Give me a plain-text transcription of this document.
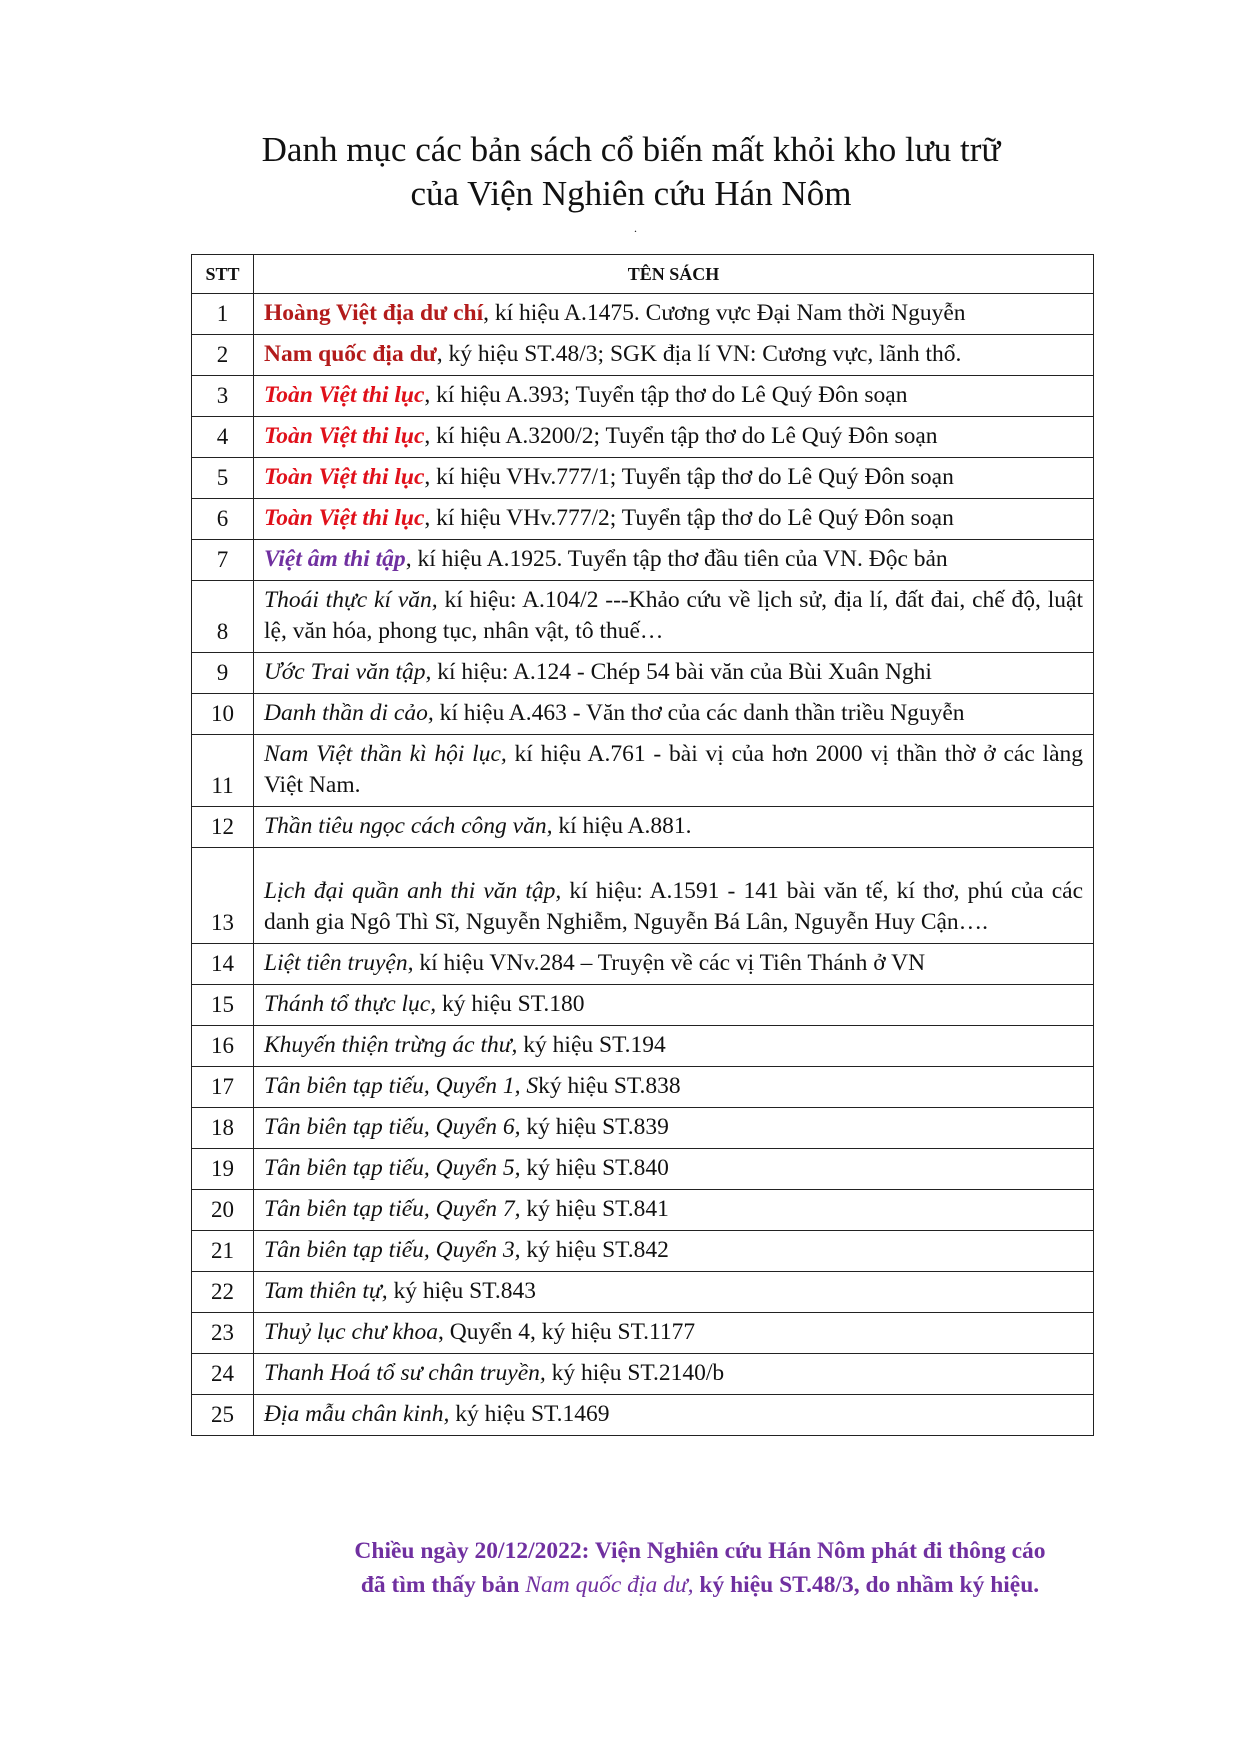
Danh mục các bản sách cổ biến mất khỏi kho lưu trữ
của Viện Nghiên cứu Hán Nôm
.
STT	TÊN SÁCH
1	Hoàng Việt địa dư chí, kí hiệu A.1475. Cương vực Đại Nam thời Nguyễn
2	Nam quốc địa dư, ký hiệu ST.48/3; SGK địa lí VN: Cương vực, lãnh thổ.
3	Toàn Việt thi lục, kí hiệu A.393; Tuyển tập thơ do Lê Quý Đôn soạn
4	Toàn Việt thi lục, kí hiệu A.3200/2; Tuyển tập thơ do Lê Quý Đôn soạn
5	Toàn Việt thi lục, kí hiệu VHv.777/1; Tuyển tập thơ do Lê Quý Đôn soạn
6	Toàn Việt thi lục, kí hiệu VHv.777/2; Tuyển tập thơ do Lê Quý Đôn soạn
7	Việt âm thi tập, kí hiệu A.1925. Tuyển tập thơ đầu tiên của VN. Độc bản
8	Thoái thực kí văn, kí hiệu: A.104/2 ---Khảo cứu về lịch sử, địa lí, đất đai, chế độ, luật lệ, văn hóa, phong tục, nhân vật, tô thuế…
9	Ước Trai văn tập, kí hiệu: A.124 - Chép 54 bài văn của Bùi Xuân Nghi
10	Danh thần di cảo, kí hiệu A.463 - Văn thơ của các danh thần triều Nguyễn
11	Nam Việt thần kì hội lục, kí hiệu A.761 - bài vị của hơn 2000 vị thần thờ ở các làng Việt Nam.
12	Thần tiêu ngọc cách công văn, kí hiệu A.881.
13	Lịch đại quần anh thi văn tập, kí hiệu: A.1591 - 141 bài văn tế, kí thơ, phú của các danh gia Ngô Thì Sĩ, Nguyễn Nghiễm, Nguyễn Bá Lân, Nguyễn Huy Cận….
14	Liệt tiên truyện, kí hiệu VNv.284 – Truyện về các vị Tiên Thánh ở VN
15	Thánh tổ thực lục, ký hiệu ST.180
16	Khuyến thiện trừng ác thư, ký hiệu ST.194
17	Tân biên tạp tiếu, Quyển 1, Ský hiệu ST.838
18	Tân biên tạp tiếu, Quyển 6, ký hiệu ST.839
19	Tân biên tạp tiếu, Quyển 5, ký hiệu ST.840
20	Tân biên tạp tiếu, Quyển 7, ký hiệu ST.841
21	Tân biên tạp tiếu, Quyển 3, ký hiệu ST.842
22	Tam thiên tự, ký hiệu ST.843
23	Thuỷ lục chư khoa, Quyển 4, ký hiệu ST.1177
24	Thanh Hoá tổ sư chân truyền, ký hiệu ST.2140/b
25	Địa mẫu chân kinh, ký hiệu ST.1469
Chiều ngày 20/12/2022: Viện Nghiên cứu Hán Nôm phát đi thông cáo
đã tìm thấy bản Nam quốc địa dư, ký hiệu ST.48/3, do nhầm ký hiệu.
